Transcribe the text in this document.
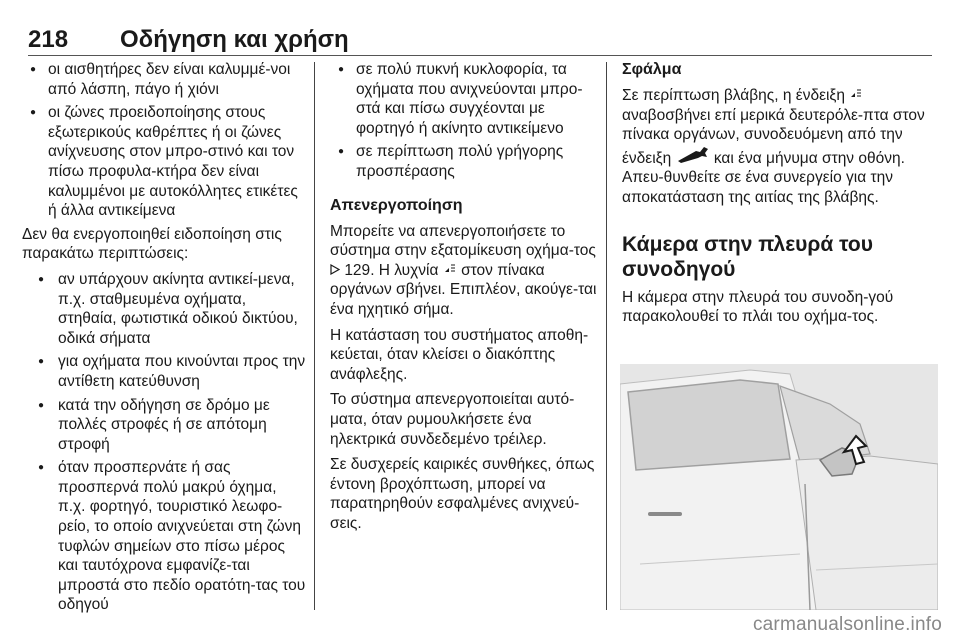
218 Οδήγηση και χρήση
● οι αισθητήρες δεν είναι καλυμμέ-νοι από λάσπη, πάγο ή χιόνι
● οι ζώνες προειδοποίησης στους εξωτερικούς καθρέπτες ή οι ζώνες ανίχνευσης στον μπρο-στινό και τον πίσω προφυλα-κτήρα δεν είναι καλυμμένοι με αυτοκόλλητες ετικέτες ή άλλα αντικείμενα

Δεν θα ενεργοποιηθεί ειδοποίηση στις παρακάτω περιπτώσεις:

● αν υπάρχουν ακίνητα αντικεί-μενα, π.χ. σταθμευμένα οχήματα, στηθαία, φωτιστικά οδικού δικτύου, οδικά σήματα
● για οχήματα που κινούνται προς την αντίθετη κατεύθυνση
● κατά την οδήγηση σε δρόμο με πολλές στροφές ή σε απότομη στροφή
● όταν προσπερνάτε ή σας προσπερνά πολύ μακρύ όχημα, π.χ. φορτηγό, τουριστικό λεωφο-ρείο, το οποίο ανιχνεύεται στη ζώνη τυφλών σημείων στο πίσω μέρος και ταυτόχρονα εμφανίζε-ται μπροστά στο πεδίο ορατότη-τας του οδηγού
● σε πολύ πυκνή κυκλοφορία, τα οχήματα που ανιχνεύονται μπρο-στά και πίσω συγχέονται με φορτηγό ή ακίνητο αντικείμενο
● σε περίπτωση πολύ γρήγορης προσπέρασης
Απενεργοποίηση

Μπορείτε να απενεργοποιήσετε το σύστημα στην εξατομίκευση οχήμα-τος  129. Η λυχνία στον πίνακα οργάνων σβήνει. Επιπλέον, ακούγε-ται ένα ηχητικό σήμα.

Η κατάσταση του συστήματος αποθη-κεύεται, όταν κλείσει ο διακόπτης ανάφλεξης.

Το σύστημα απενεργοποιείται αυτό-ματα, όταν ρυμουλκήσετε ένα ηλεκτρικά συνδεδεμένο τρέιλερ.

Σε δυσχερείς καιρικές συνθήκες, όπως έντονη βροχόπτωση, μπορεί να παρατηρηθούν εσφαλμένες ανιχνεύ-σεις.

Σφάλμα

Σε περίπτωση βλάβης, η ένδειξη  αναβοσβήνει επί μερικά δευτερόλε-πτα στον πίνακα οργάνων, συνοδευόμενη από την ένδειξη	και ένα μήνυμα στην οθόνη. Απευ-θυνθείτε σε ένα συνεργείο για την αποκατάσταση της αιτίας της βλάβης.

Κάμερα στην πλευρά του συνοδηγού

Η κάμερα στην πλευρά του συνοδη-γού παρακολουθεί το πλάι του οχήμα-τος.

carmanualsonline.info
